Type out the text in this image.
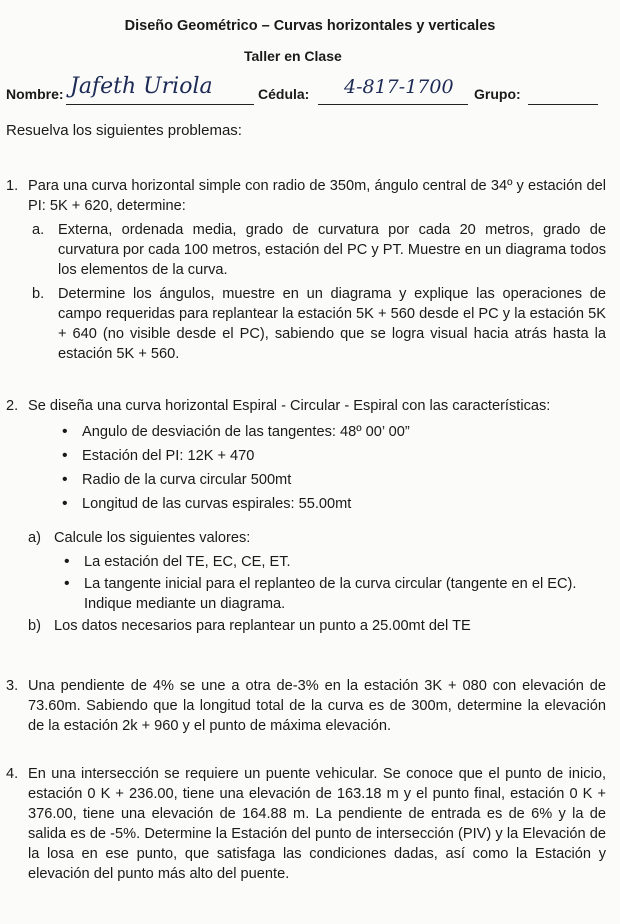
Diseño Geométrico – Curvas horizontales y verticales
Taller en Clase
Nombre: Jafeth Uriola	Cédula: 4-817-1700 Grupo:
Resuelva los siguientes problemas:
1. Para una curva horizontal simple con radio de 350m, ángulo central de 34º y estación del PI: 5K + 620, determine:
a. Externa, ordenada media, grado de curvatura por cada 20 metros, grado de curvatura por cada 100 metros, estación del PC y PT. Muestre en un diagrama todos los elementos de la curva.
b. Determine los ángulos, muestre en un diagrama y explique las operaciones de campo requeridas para replantear la estación 5K + 560 desde el PC y la estación 5K + 640 (no visible desde el PC), sabiendo que se logra visual hacia atrás hasta la estación 5K + 560.
2. Se diseña una curva horizontal Espiral - Circular - Espiral con las características:
• Angulo de desviación de las tangentes: 48º 00’ 00”
• Estación del PI: 12K + 470
• Radio de la curva circular 500mt
• Longitud de las curvas espirales: 55.00mt
a) Calcule los siguientes valores:
• La estación del TE, EC, CE, ET.
• La tangente inicial para el replanteo de la curva circular (tangente en el EC). Indique mediante un diagrama.
b) Los datos necesarios para replantear un punto a 25.00mt del TE
3. Una pendiente de 4% se une a otra de-3% en la estación 3K + 080 con elevación de 73.60m. Sabiendo que la longitud total de la curva es de 300m, determine la elevación de la estación 2k + 960 y el punto de máxima elevación.
4. En una intersección se requiere un puente vehicular. Se conoce que el punto de inicio, estación 0 K + 236.00, tiene una elevación de 163.18 m y el punto final, estación 0 K + 376.00, tiene una elevación de 164.88 m. La pendiente de entrada es de 6% y la de salida es de -5%. Determine la Estación del punto de intersección (PIV) y la Elevación de la losa en ese punto, que satisfaga las condiciones dadas, así como la Estación y elevación del punto más alto del puente.
